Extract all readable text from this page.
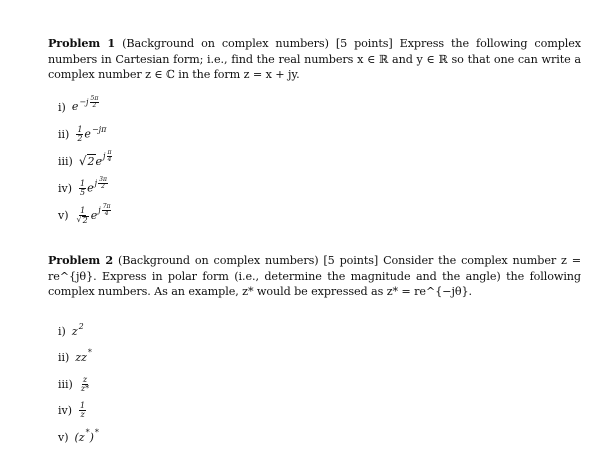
Problem 1 (Background on complex numbers) [5 points] Express the following complex numbers in Cartesian form; i.e., find the real numbers x ∈ ℝ and y ∈ ℝ so that one can write a complex number z ∈ ℂ in the form z = x + jy.
i) $e-j \frac{5\pi}{2}$
$ii) \frac{1}{2} e-j\pi$
iii) √ 2 ej $\frac{\pi}{4}$
$iv) \frac{1}{5}$ ej $\frac{3\pi}{2}$
$v) \frac{1}{√ 2}$ ej $\frac{7\pi}{4}$
Problem 2 (Background on complex numbers) [5 points] Consider the complex number z = re^{jθ}. Express in polar form (i.e., determine the magnitude and the angle) the following complex numbers. As an example, z* would be expressed as z* = re^{−jθ}.
i) z2
ii) zz*
$iii) \frac{z}{z*}$
$iv) \frac{1}{z}$
v) (z*)*
